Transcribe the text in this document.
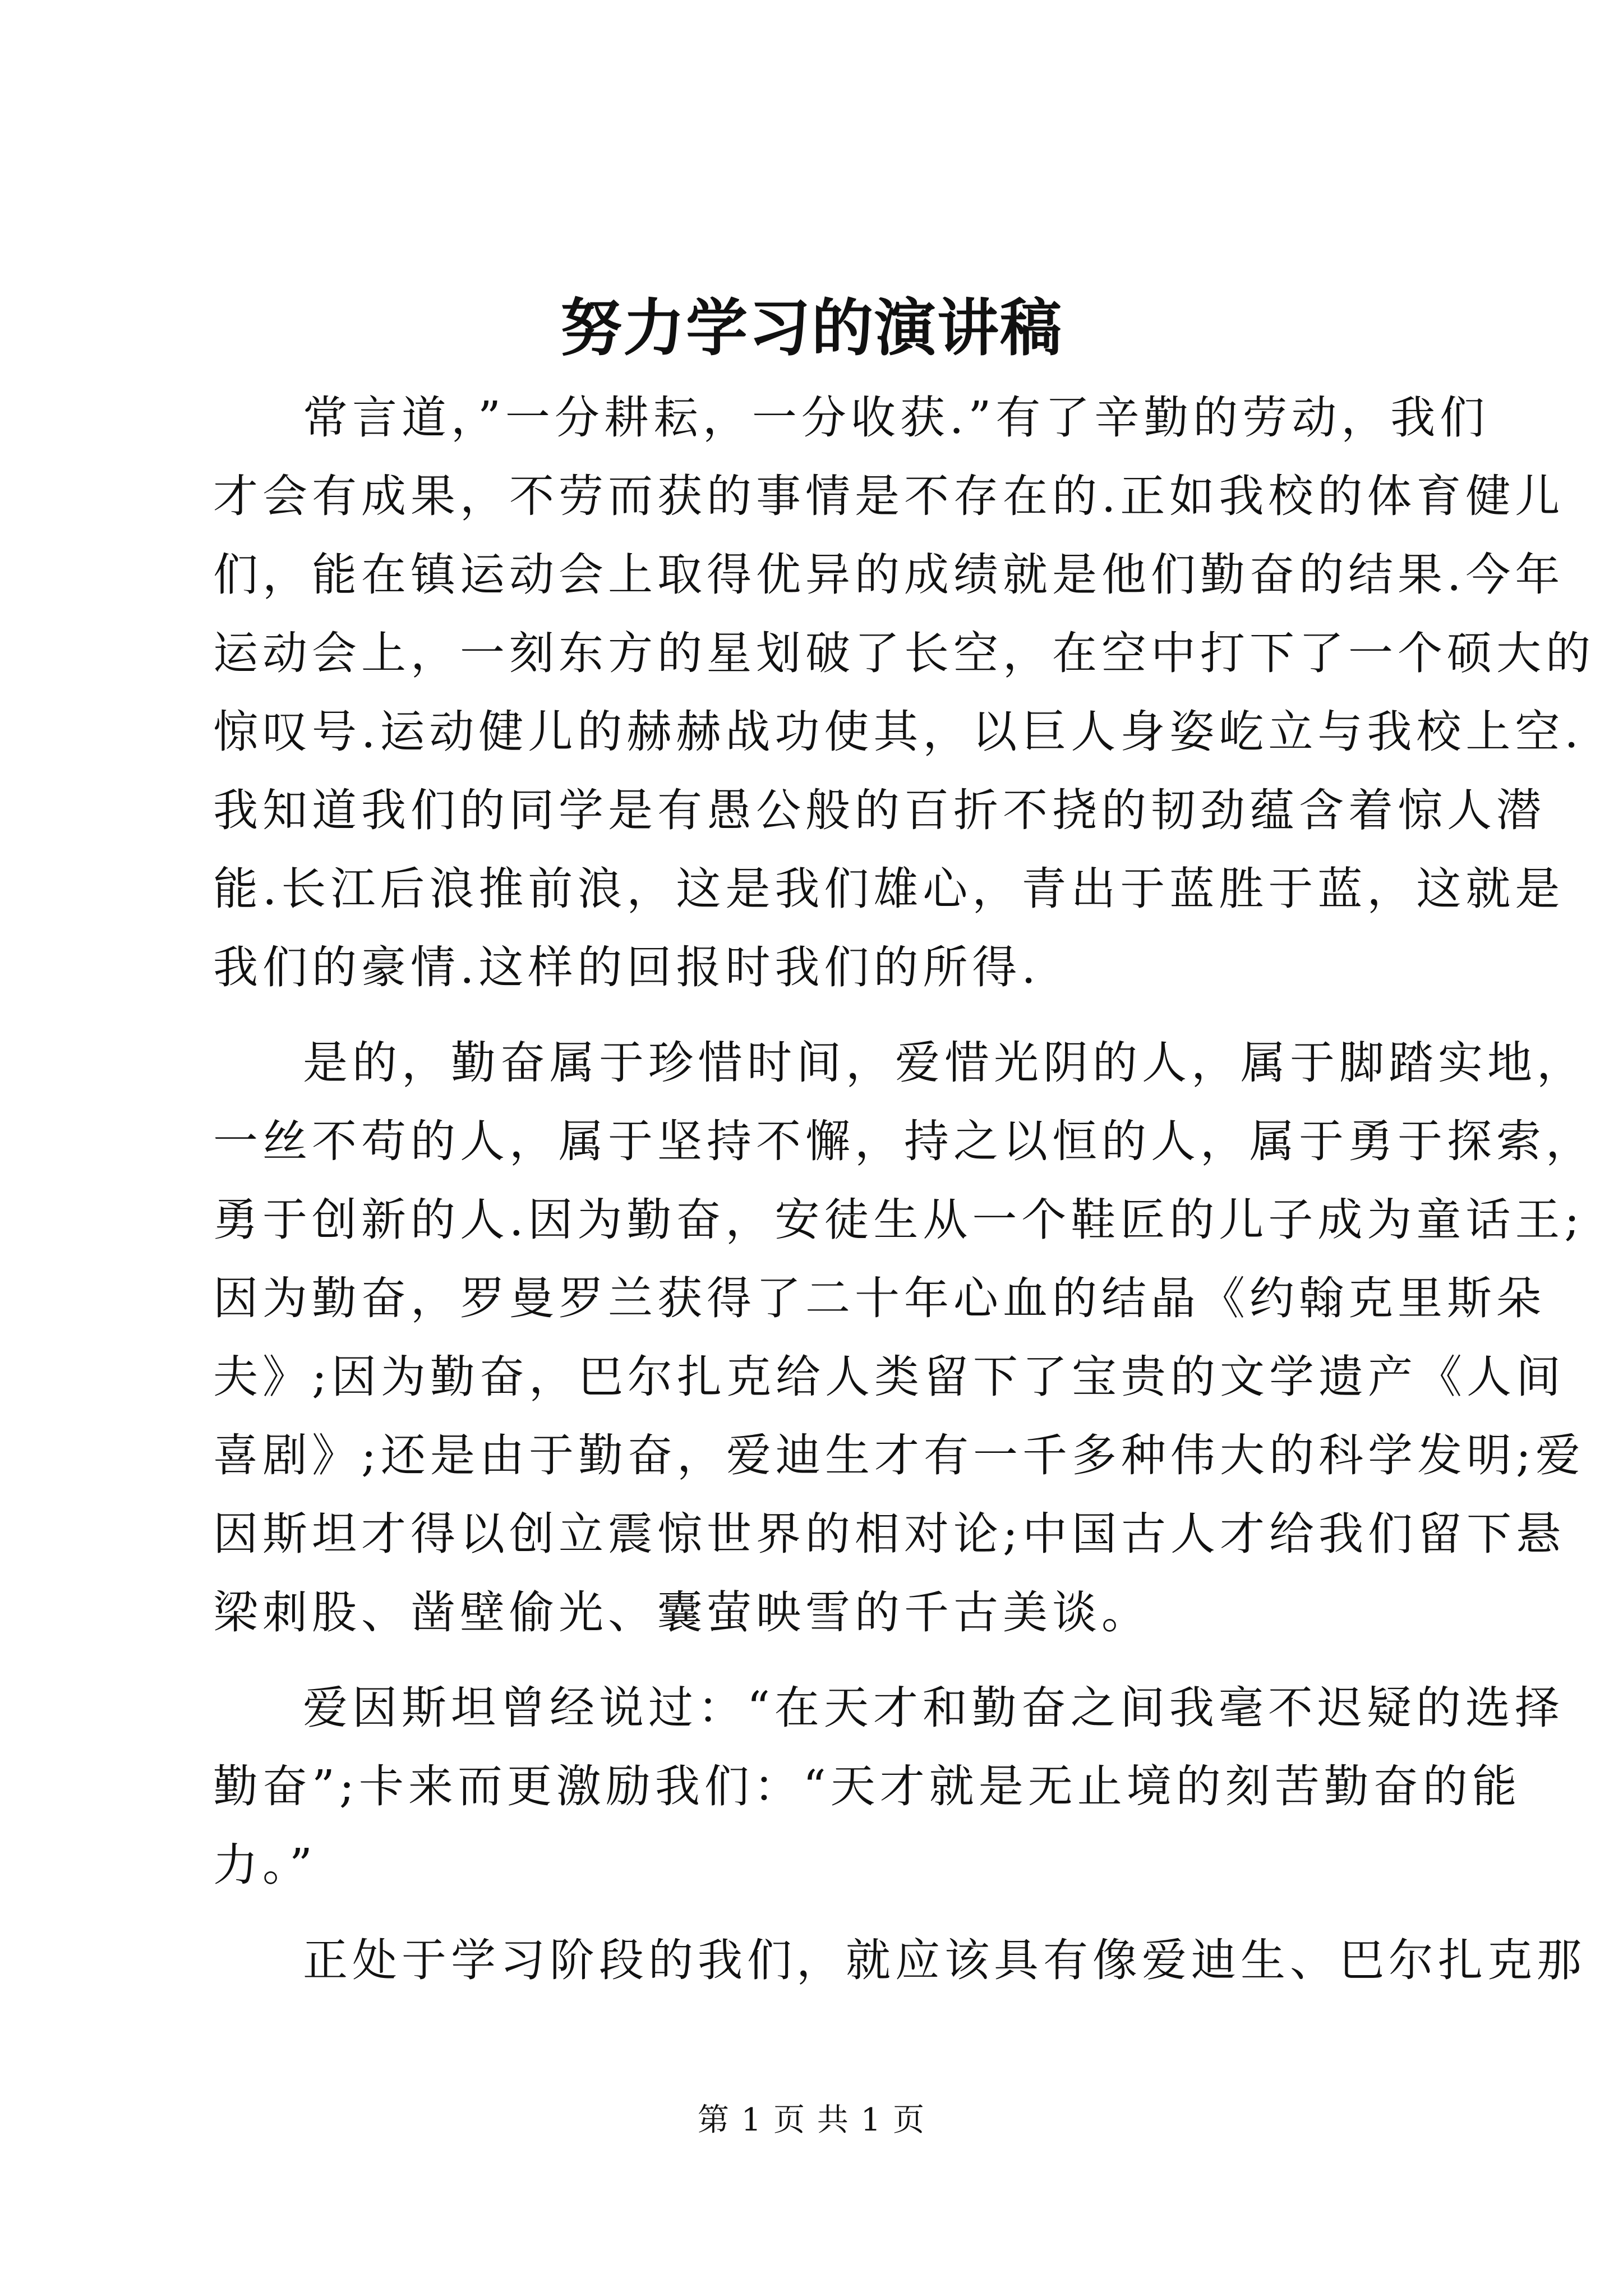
努力学习的演讲稿

常言道，”一分耕耘，一分收获.”有了辛勤的劳动，我们

才会有成果，不劳而获的事情是不存在的.正如我校的体育健儿

们，能在镇运动会上取得优异的成绩就是他们勤奋的结果.今年

运动会上，一刻东方的星划破了长空，在空中打下了一个硕大的

惊叹号.运动健儿的赫赫战功使其，以巨人身姿屹立与我校上空.

我知道我们的同学是有愚公般的百折不挠的韧劲蕴含着惊人潜

能.长江后浪推前浪，这是我们雄心，青出于蓝胜于蓝，这就是

我们的豪情.这样的回报时我们的所得.

是的，勤奋属于珍惜时间，爱惜光阴的人，属于脚踏实地，

一丝不苟的人，属于坚持不懈，持之以恒的人，属于勇于探索，

勇于创新的人.因为勤奋，安徒生从一个鞋匠的儿子成为童话王;

因为勤奋，罗曼罗兰获得了二十年心血的结晶《约翰克里斯朵

夫》;因为勤奋，巴尔扎克给人类留下了宝贵的文学遗产《人间

喜剧》;还是由于勤奋，爱迪生才有一千多种伟大的科学发明;爱

因斯坦才得以创立震惊世界的相对论;中国古人才给我们留下悬

梁刺股、凿壁偷光、囊萤映雪的千古美谈。

爱因斯坦曾经说过：“在天才和勤奋之间我毫不迟疑的选择

勤奋”;卡来而更激励我们：“天才就是无止境的刻苦勤奋的能

力。”

正处于学习阶段的我们，就应该具有像爱迪生、巴尔扎克那

第 1 页 共 1 页
